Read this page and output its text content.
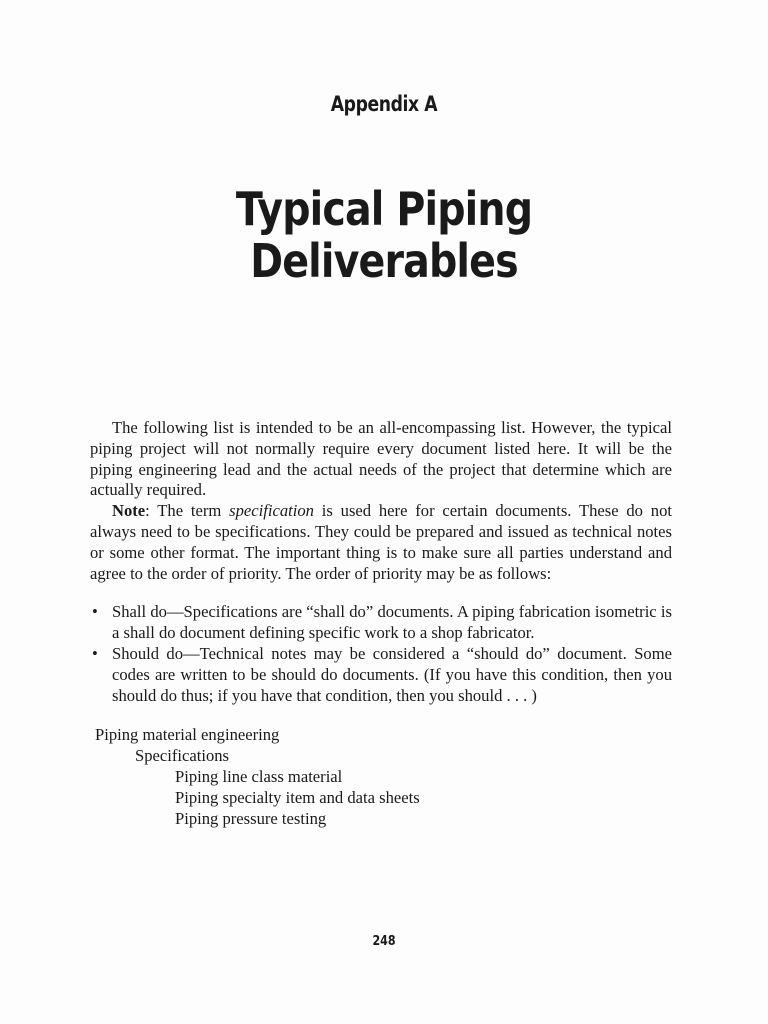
Appendix A
Typical Piping
Deliverables

The following list is intended to be an all-encompassing list. However, the typical piping project will not normally require every document listed here. It will be the piping engineering lead and the actual needs of the project that determine which are actually required.

Note: The term specification is used here for certain documents. These do not always need to be specifications. They could be prepared and issued as technical notes or some other format. The important thing is to make sure all parties understand and agree to the order of priority. The order of priority may be as follows:

• Shall do—Specifications are “shall do” documents. A piping fabrication isometric is a shall do document defining specific work to a shop fabricator.
• Should do—Technical notes may be considered a “should do” document. Some codes are written to be should do documents. (If you have this condition, then you should do thus; if you have that condition, then you should . . . )
Piping material engineering
Specifications
Piping line class material
Piping specialty item and data sheets
Piping pressure testing
248
